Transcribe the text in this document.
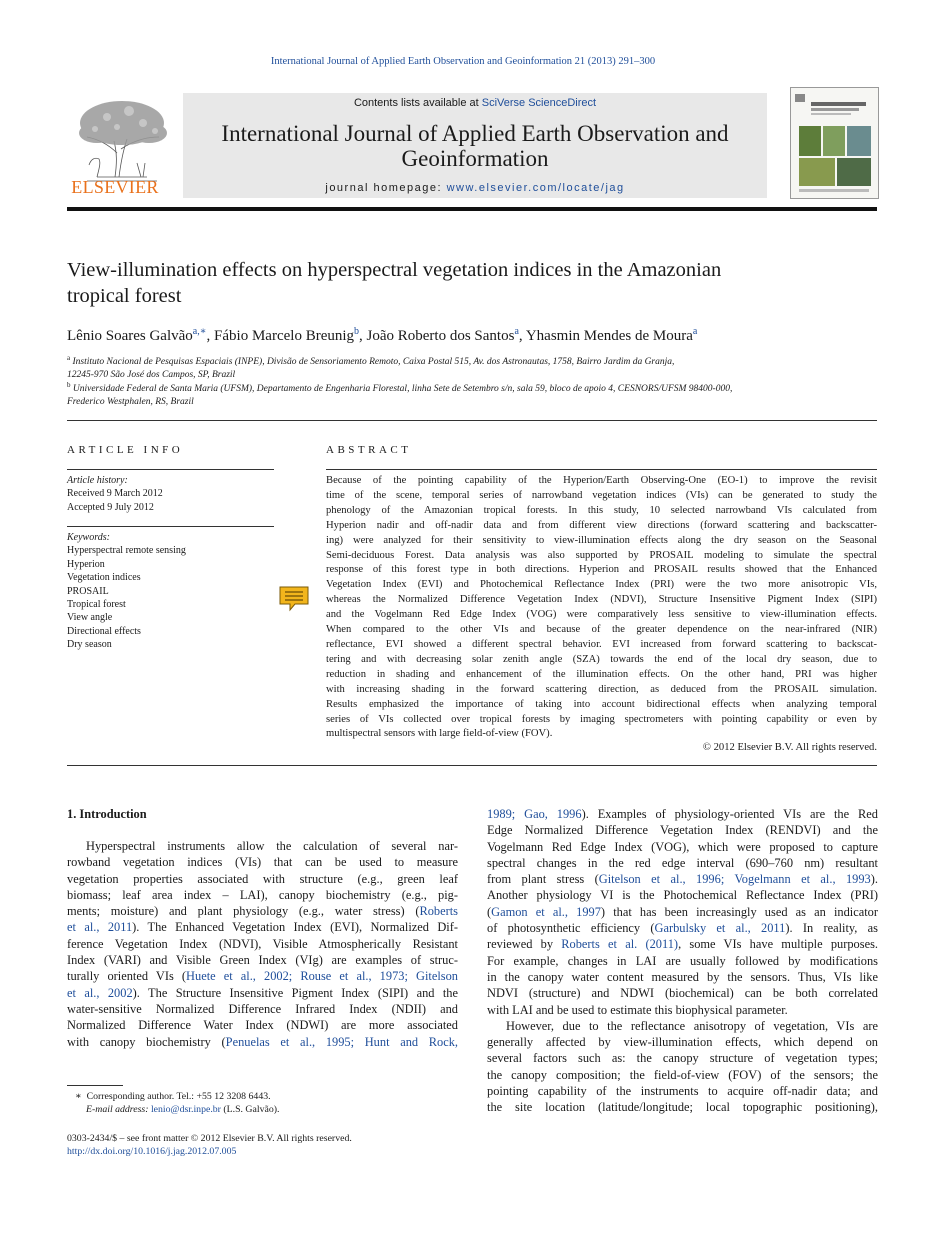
International Journal of Applied Earth Observation and Geoinformation 21 (2013) 291–300
ELSEVIER
Contents lists available at SciVerse ScienceDirect
International Journal of Applied Earth Observation and
Geoinformation
journal homepage: www.elsevier.com/locate/jag
View-illumination effects on hyperspectral vegetation indices in the Amazonian
tropical forest
Lênio Soares Galvão$^{a,∗}$, Fábio Marcelo Breunig$^b$, João Roberto dos Santos$^a$, Yhasmin Mendes de Moura$^a$
$^a$ Instituto Nacional de Pesquisas Espaciais (INPE), Divisão de Sensoriamento Remoto, Caixa Postal 515, Av. dos Astronautas, 1758, Bairro Jardim da Granja,
12245-970 São José dos Campos, SP, Brazil
$^b$ Universidade Federal de Santa Maria (UFSM), Departamento de Engenharia Florestal, linha Sete de Setembro s/n, sala 59, bloco de apoio 4, CESNORS/UFSM 98400-000,
Frederico Westphalen, RS, Brazil
ARTICLE INFO
Article history:
Received 9 March 2012
Accepted 9 July 2012
Keywords:
Hyperspectral remote sensing
Hyperion
Vegetation indices
PROSAIL
Tropical forest
View angle
Directional effects
Dry season
ABSTRACT
Because of the pointing capability of the Hyperion/Earth Observing-One (EO-1) to improve the revisit
time of the scene, temporal series of narrowband vegetation indices (VIs) can be generated to study the
phenology of the Amazonian tropical forests. In this study, 10 selected narrowband VIs calculated from
Hyperion nadir and off-nadir data and from different view directions (forward scattering and backscatter-
ing) were analyzed for their sensitivity to view-illumination effects along the dry season on the Seasonal
Semi-deciduous Forest. Data analysis was also supported by PROSAIL modeling to simulate the spectral
response of this forest type in both directions. Hyperion and PROSAIL results showed that the Enhanced
Vegetation Index (EVI) and Photochemical Reflectance Index (PRI) were the two more anisotropic VIs,
whereas the Normalized Difference Vegetation Index (NDVI), Structure Insensitive Pigment Index (SIPI)
and the Vogelmann Red Edge Index (VOG) were comparatively less sensitive to view-illumination effects.
When compared to the other VIs and because of the greater dependence on the near-infrared (NIR)
reflectance, EVI showed a different spectral behavior. EVI increased from forward scattering to backscat-
tering and with decreasing solar zenith angle (SZA) towards the end of the local dry season, due to
reduction in shading and enhancement of the illumination effects. On the other hand, PRI was higher
with increasing shading in the forward scattering direction, as deduced from the PROSAIL simulation.
Results emphasized the importance of taking into account bidirectional effects when analyzing temporal
series of VIs collected over tropical forests by imaging spectrometers with pointing capability or even by
multispectral sensors with large field-of-view (FOV).
© 2012 Elsevier B.V. All rights reserved.
1. Introduction
Hyperspectral instruments allow the calculation of several nar-
rowband vegetation indices (VIs) that can be used to measure
vegetation properties associated with structure (e.g., green leaf
biomass; leaf area index – LAI), canopy biochemistry (e.g., pig-
ments; moisture) and plant physiology (e.g., water stress) (Roberts
et al., 2011). The Enhanced Vegetation Index (EVI), Normalized Dif-
ference Vegetation Index (NDVI), Visible Atmospherically Resistant
Index (VARI) and Visible Green Index (VIg) are examples of struc-
turally oriented VIs (Huete et al., 2002; Rouse et al., 1973; Gitelson
et al., 2002). The Structure Insensitive Pigment Index (SIPI) and the
water-sensitive Normalized Difference Infrared Index (NDII) and
Normalized Difference Water Index (NDWI) are more associated
with canopy biochemistry (Penuelas et al., 1995; Hunt and Rock,
1989; Gao, 1996). Examples of physiology-oriented VIs are the Red
Edge Normalized Difference Vegetation Index (RENDVI) and the
Vogelmann Red Edge Index (VOG), which were proposed to capture
spectral changes in the red edge interval (690–760 nm) resultant
from plant stress (Gitelson et al., 1996; Vogelmann et al., 1993).
Another physiology VI is the Photochemical Reflectance Index (PRI)
(Gamon et al., 1997) that has been increasingly used as an indicator
of photosynthetic efficiency (Garbulsky et al., 2011). In reality, as
reviewed by Roberts et al. (2011), some VIs have multiple purposes.
For example, changes in LAI are usually followed by modifications
in the canopy water content measured by the sensors. Thus, VIs like
NDVI (structure) and NDWI (biochemical) can be both correlated
with LAI and be used to estimate this biophysical parameter.
However, due to the reflectance anisotropy of vegetation, VIs are
generally affected by view-illumination effects, which depend on
several factors such as: the canopy structure of vegetation types;
the canopy composition; the field-of-view (FOV) of the sensors; the
pointing capability of the instruments to acquire off-nadir data; and
the site location (latitude/longitude; local topographic positioning),
∗ Corresponding author. Tel.: +55 12 3208 6443.
E-mail address: lenio@dsr.inpe.br (L.S. Galvão).
0303-2434/$ – see front matter © 2012 Elsevier B.V. All rights reserved.
http://dx.doi.org/10.1016/j.jag.2012.07.005
